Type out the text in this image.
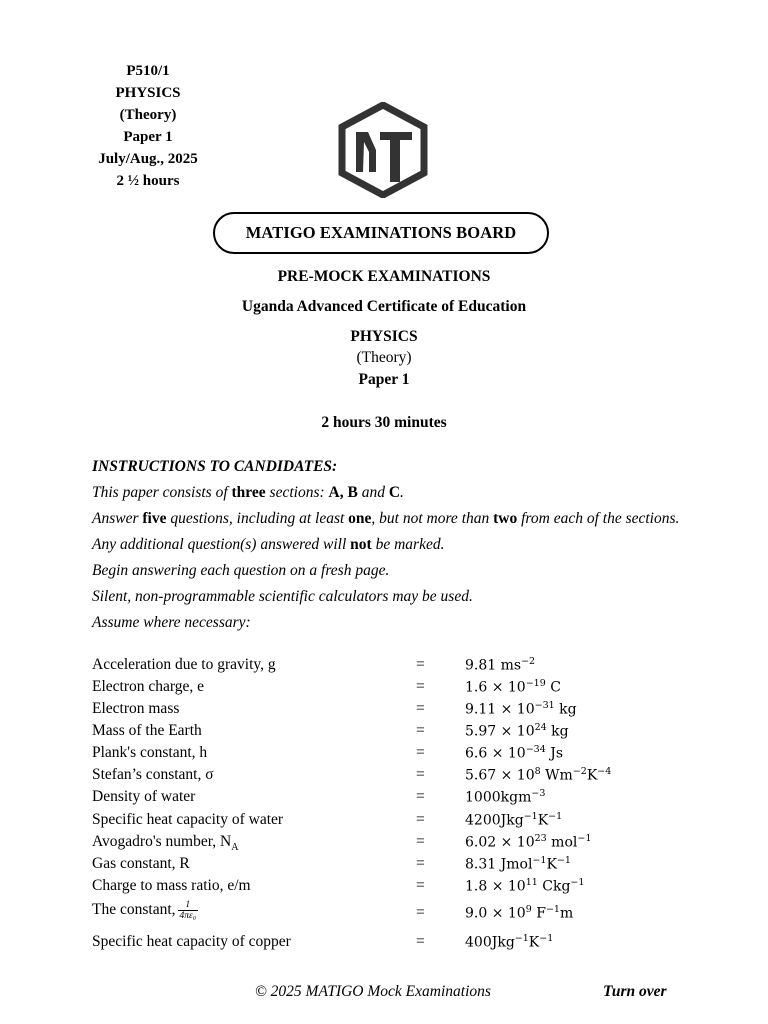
P510/1
PHYSICS
(Theory)
Paper 1
July/Aug., 2025
2 ½ hours
MATIGO EXAMINATIONS BOARD
PRE-MOCK EXAMINATIONS
Uganda Advanced Certificate of Education
PHYSICS
(Theory)
Paper 1
2 hours 30 minutes
INSTRUCTIONS TO CANDIDATES:
This paper consists of three sections: A, B and C.
Answer five questions, including at least one, but not more than two from each of the sections.
Any additional question(s) answered will not be marked.
Begin answering each question on a fresh page.
Silent, non-programmable scientific calculators may be used.
Assume where necessary:
Acceleration due to gravity, g	=	9.81 $ms^{-2}$
Electron charge, e	=	$1.6 \times 10^{-19}$ C
Electron mass	=	$9.11 \times 10^{-31}$ kg
Mass of the Earth	=	$5.97 \times 10^{24}$ kg
Plank's constant, h	=	$6.6 \times 10^{-34}$ Js
Stefan’s constant, σ	=	$5.67 \times 10^8$ $Wm^{-2}K^{-4}$
Density of water	=	1000kgm$^{-3}$
Specific heat capacity of water	=	$4200Jkg^{-1}K^{-1}$
Avogadro's number, $N_A$	=	$6.02 \times 10^{23}$ mol$^{-1}$
Gas constant, R	=	8.31 $Jmol^{-1}K^{-1}$
Charge to mass ratio, e/m	=	$1.8 \times 10^{11}$ Ckg$^{-1}$
The constant, $\frac{1}{\text{4πε₀}}$	=	$9.0 \times 10^9$ $F^{-1}m$
Specific heat capacity of copper	=	$400Jkg^{-1}K^{-1}$
© 2025 MATIGO Mock Examinations	Turn over
